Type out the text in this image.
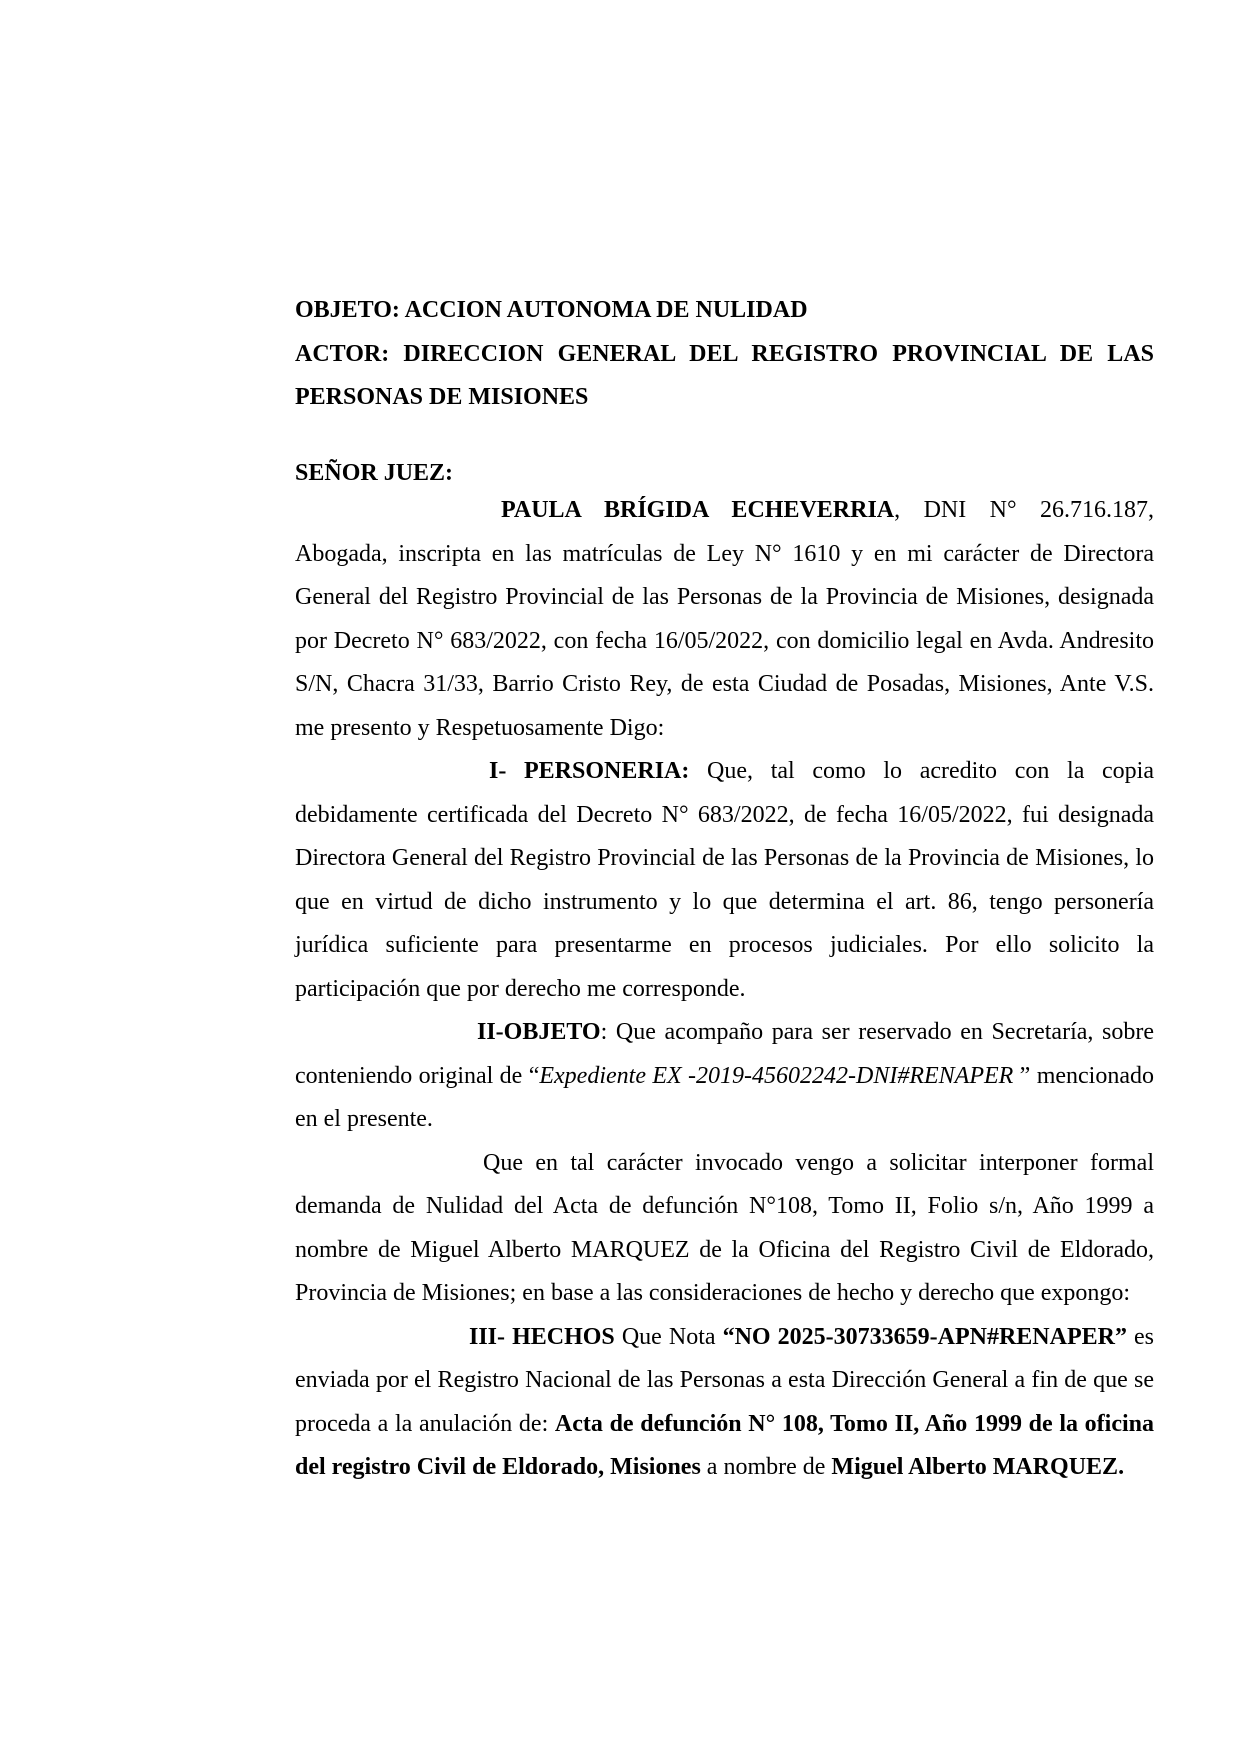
OBJETO: ACCION AUTONOMA DE NULIDAD
ACTOR: DIRECCION GENERAL DEL REGISTRO PROVINCIAL DE LAS
PERSONAS DE MISIONES
SEÑOR JUEZ:

PAULA BRÍGIDA ECHEVERRIA, DNI N° 26.716.187, Abogada, inscripta en las matrículas de Ley N° 1610 y en mi carácter de Directora General del Registro Provincial de las Personas de la Provincia de Misiones, designada por Decreto N° 683/2022, con fecha 16/05/2022, con domicilio legal en Avda. Andresito S/N, Chacra 31/33, Barrio Cristo Rey, de esta Ciudad de Posadas, Misiones, Ante V.S. me presento y Respetuosamente Digo:

I- PERSONERIA: Que, tal como lo acredito con la copia debidamente certificada del Decreto N° 683/2022, de fecha 16/05/2022, fui designada Directora General del Registro Provincial de las Personas de la Provincia de Misiones, lo que en virtud de dicho instrumento y lo que determina el art. 86, tengo personería jurídica suficiente para presentarme en procesos judiciales. Por ello solicito la participación que por derecho me corresponde.

II-OBJETO: Que acompaño para ser reservado en Secretaría, sobre conteniendo original de “Expediente EX -2019-45602242-DNI#RENAPER ” mencionado en el presente.

Que en tal carácter invocado vengo a solicitar interponer formal demanda de Nulidad del Acta de defunción N°108, Tomo II, Folio s/n, Año 1999 a nombre de Miguel Alberto MARQUEZ de la Oficina del Registro Civil de Eldorado, Provincia de Misiones; en base a las consideraciones de hecho y derecho que expongo:

III- HECHOS Que Nota “NO 2025-30733659-APN#RENAPER” es enviada por el Registro Nacional de las Personas a esta Dirección General a fin de que se proceda a la anulación de: Acta de defunción N° 108, Tomo II, Año 1999 de la oficina del registro Civil de Eldorado, Misiones a nombre de Miguel Alberto MARQUEZ.
